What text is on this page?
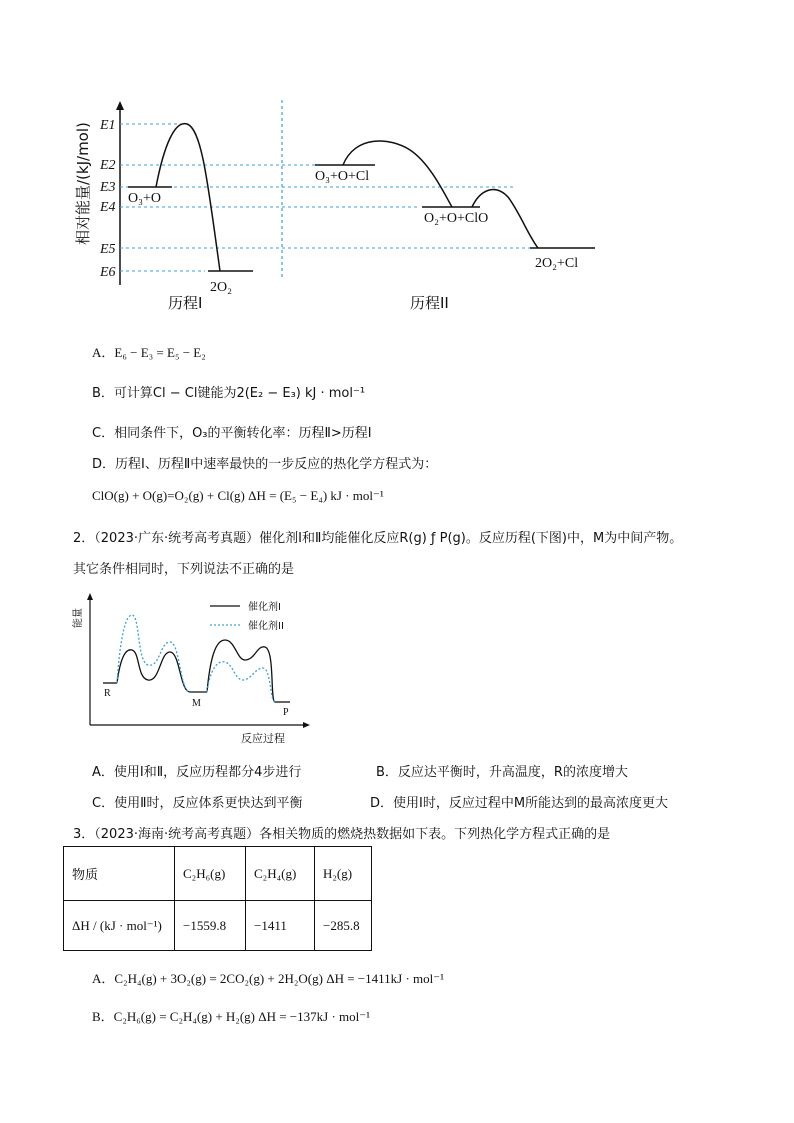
E1
E2
E3
E4
E5
E6
相对能量/(kJ/mol)	O₃+O
2O₂
O₃+O+Cl
O₂+O+ClO
2O₂+Cl
历程I	历程II
A．E₆ − E₃ = E₅ − E₂
B．可计算Cl − Cl键能为2(E₂ − E₃) kJ · mol⁻¹
C．相同条件下，O₃的平衡转化率：历程Ⅱ>历程Ⅰ
D．历程Ⅰ、历程Ⅱ中速率最快的一步反应的热化学方程式为：
ClO(g) + O(g)=O₂(g) + Cl(g) ΔH = (E₅ − E₄) kJ · mol⁻¹
2．（2023·广东·统考高考真题）催化剂Ⅰ和Ⅱ均能催化反应R(g) ƒ P(g)。反应历程(下图)中，M为中间产物。
其它条件相同时，下列说法不正确的是
能量
反应过程
催化剂I
催化剂II
R
M
P
A．使用Ⅰ和Ⅱ，反应历程都分4步进行	B．反应达平衡时，升高温度，R的浓度增大
C．使用Ⅱ时，反应体系更快达到平衡	D．使用Ⅰ时，反应过程中M所能达到的最高浓度更大
3．（2023·海南·统考高考真题）各相关物质的燃烧热数据如下表。下列热化学方程式正确的是
物质	C₂H₆(g)	C₂H₄(g)	H₂(g)
ΔH / (kJ · mol⁻¹)	−1559.8	−1411	−285.8
A．C₂H₄(g) + 3O₂(g) = 2CO₂(g) + 2H₂O(g) ΔH = −1411kJ · mol⁻¹
B．C₂H₆(g) = C₂H₄(g) + H₂(g) ΔH = −137kJ · mol⁻¹
